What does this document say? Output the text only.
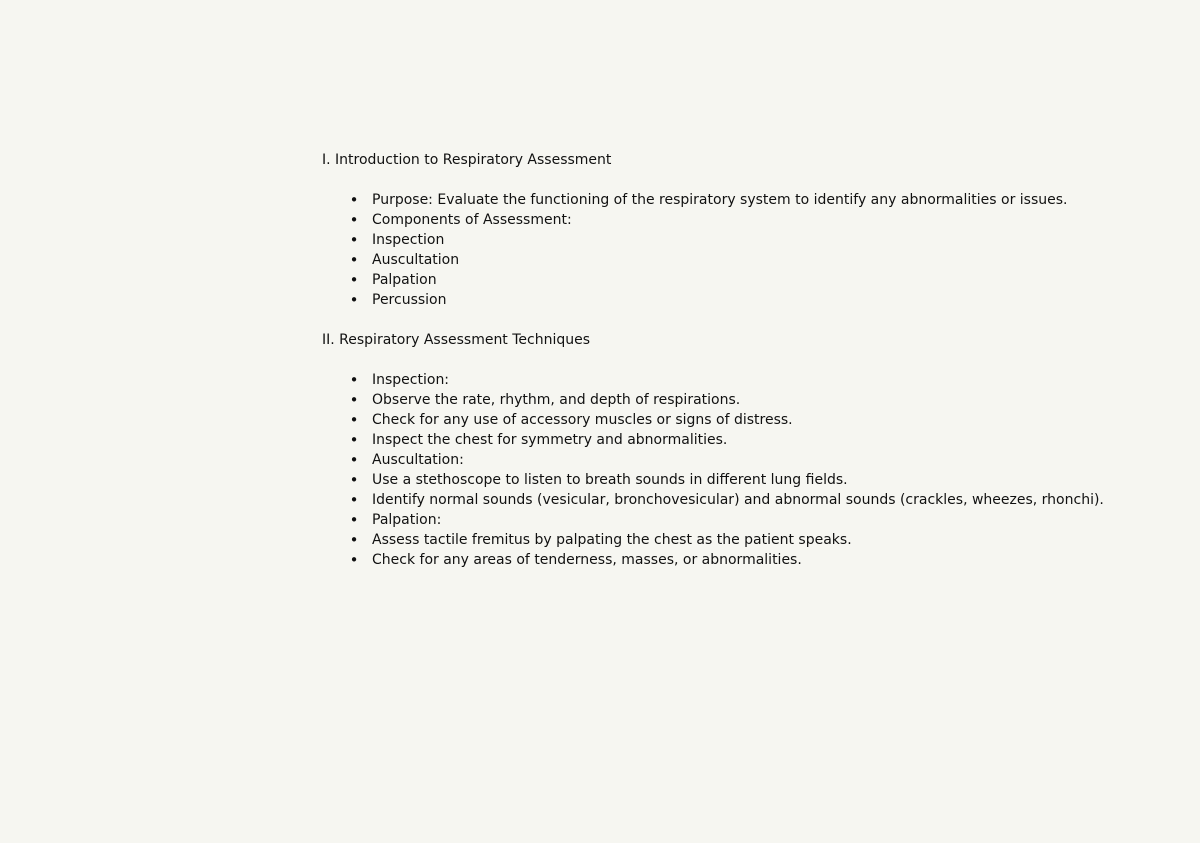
I. Introduction to Respiratory Assessment
• Purpose: Evaluate the functioning of the respiratory system to identify any abnormalities or issues.
• Components of Assessment:
• Inspection
• Auscultation
• Palpation
• Percussion
II. Respiratory Assessment Techniques
• Inspection:
• Observe the rate, rhythm, and depth of respirations.
• Check for any use of accessory muscles or signs of distress.
• Inspect the chest for symmetry and abnormalities.
• Auscultation:
• Use a stethoscope to listen to breath sounds in different lung fields.
• Identify normal sounds (vesicular, bronchovesicular) and abnormal sounds (crackles, wheezes, rhonchi).
• Palpation:
• Assess tactile fremitus by palpating the chest as the patient speaks.
• Check for any areas of tenderness, masses, or abnormalities.
